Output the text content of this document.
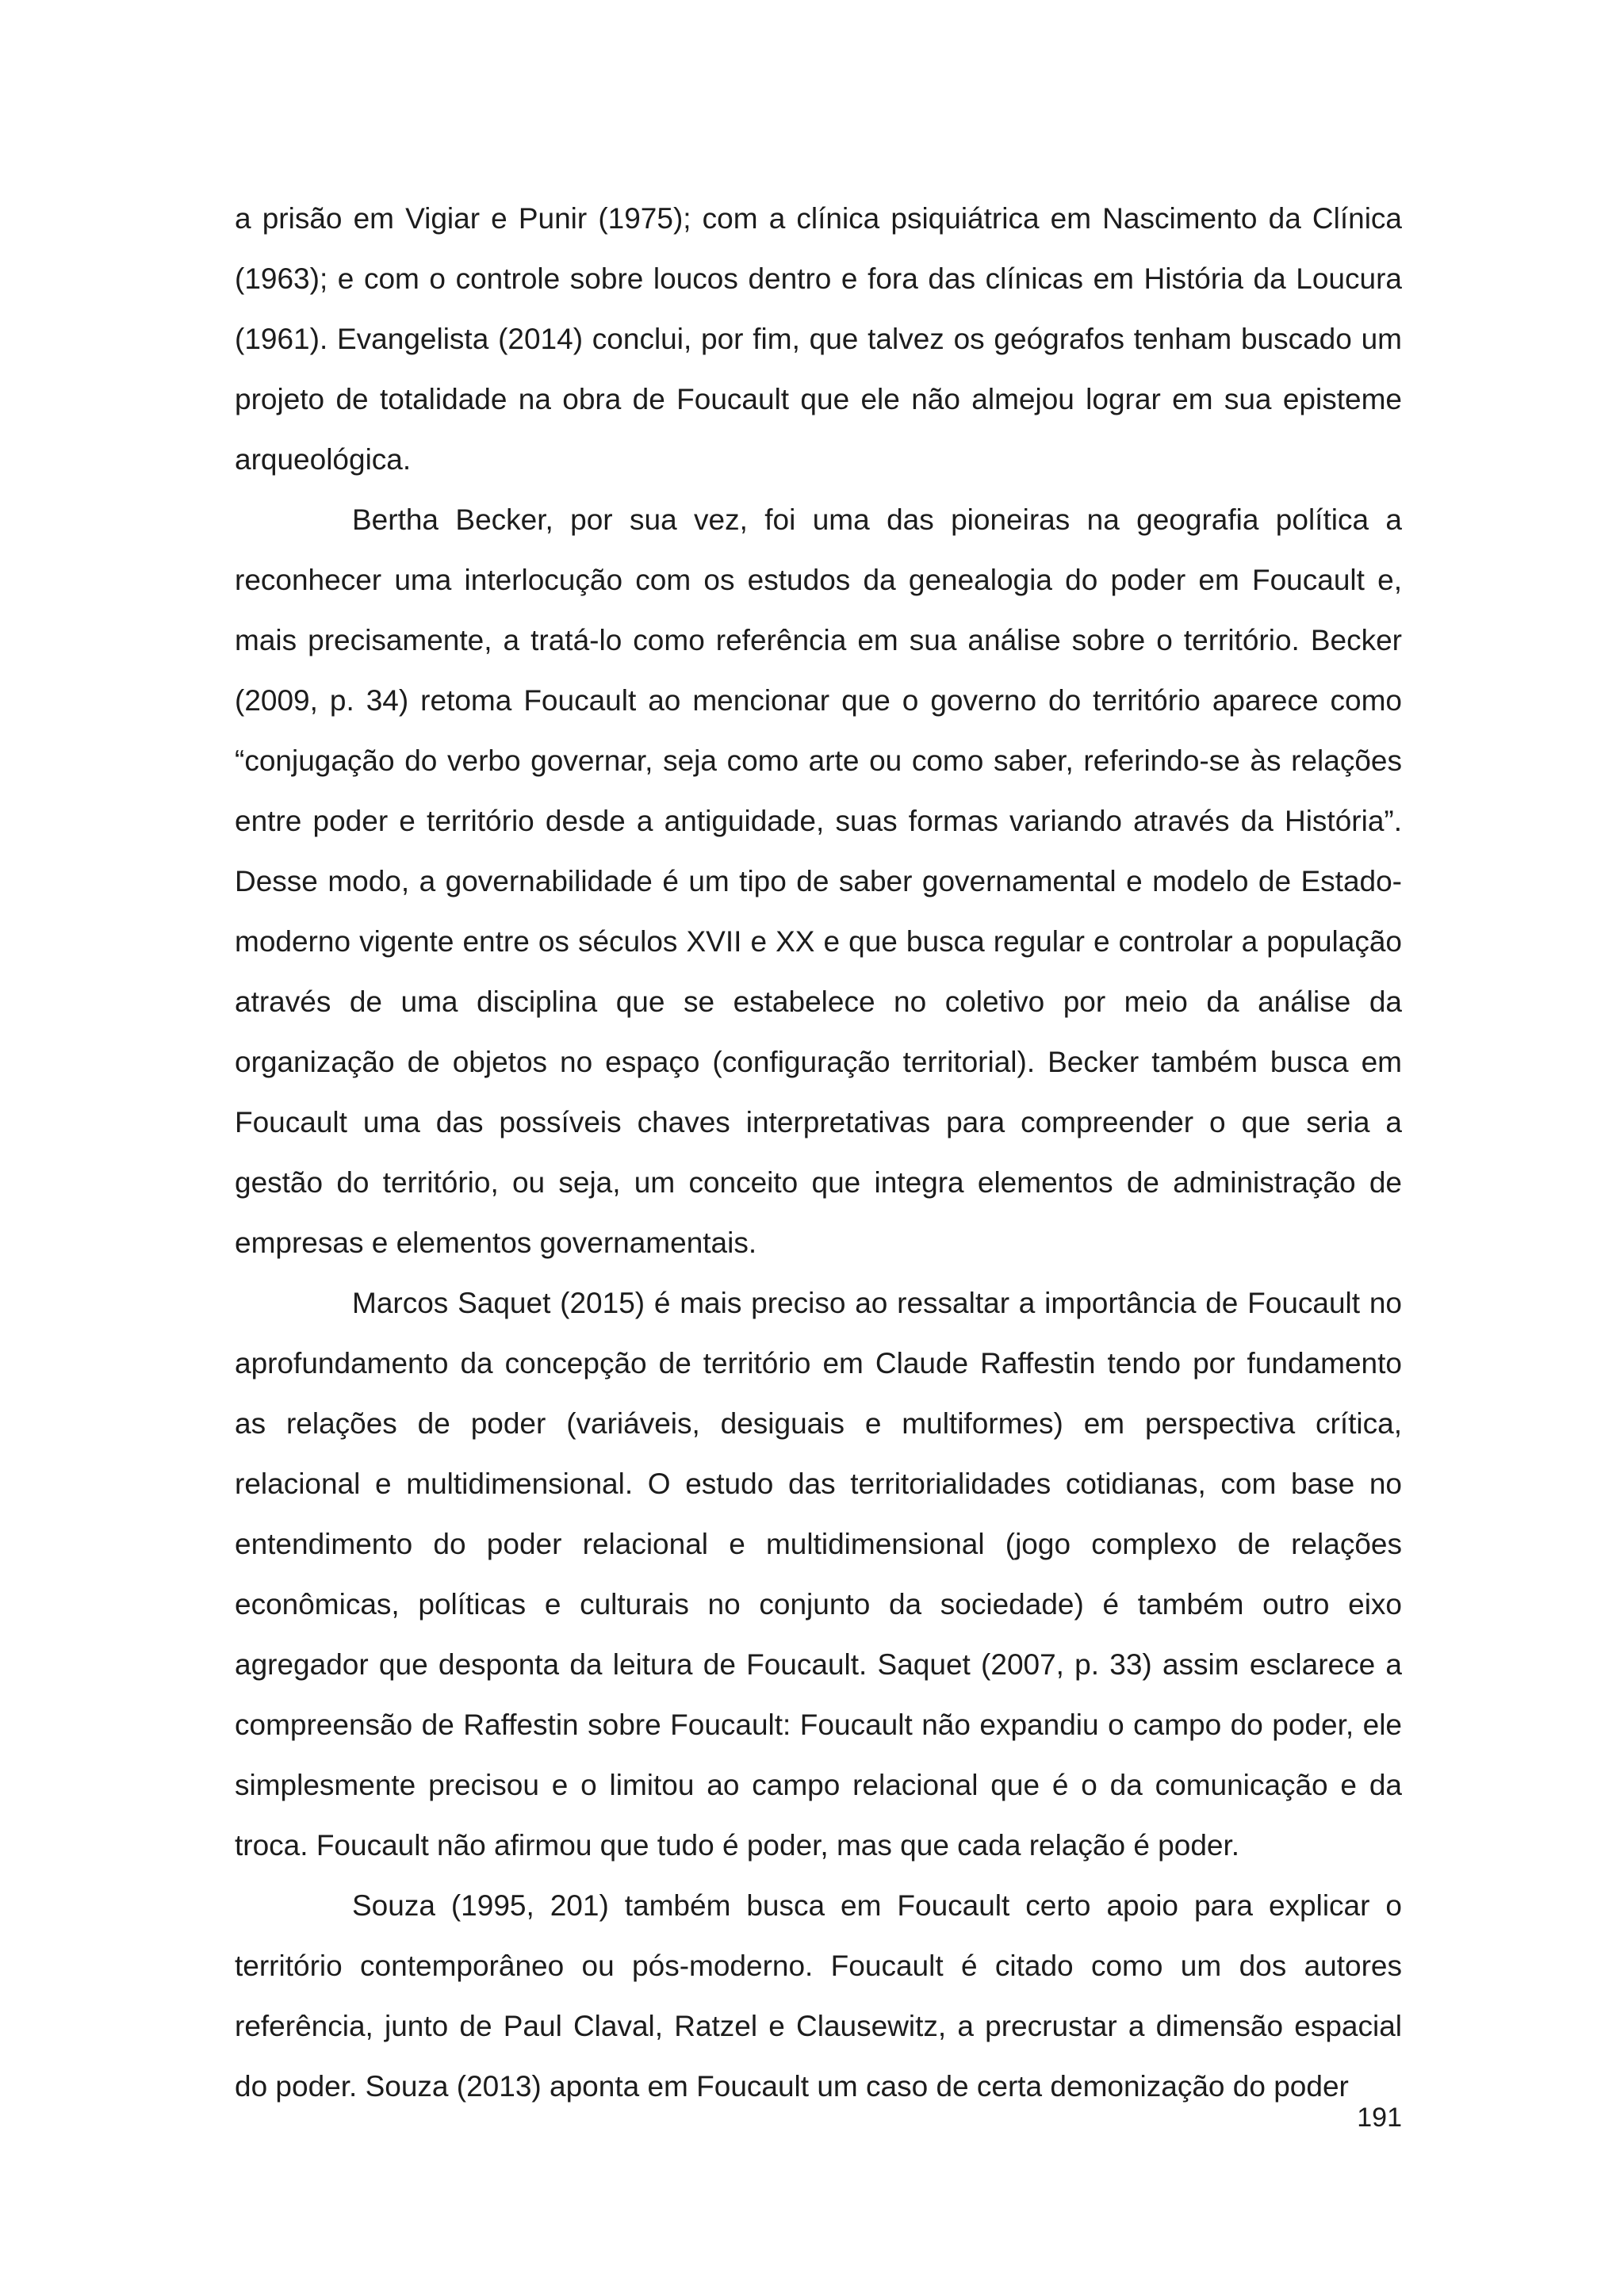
a prisão em Vigiar e Punir (1975); com a clínica psiquiátrica em Nascimento da Clínica (1963); e com o controle sobre loucos dentro e fora das clínicas em História da Loucura (1961). Evangelista (2014) conclui, por fim, que talvez os geógrafos tenham buscado um projeto de totalidade na obra de Foucault que ele não almejou lograr em sua episteme arqueológica.

Bertha Becker, por sua vez, foi uma das pioneiras na geografia política a reconhecer uma interlocução com os estudos da genealogia do poder em Foucault e, mais precisamente, a tratá-lo como referência em sua análise sobre o território. Becker (2009, p. 34) retoma Foucault ao mencionar que o governo do território aparece como “conjugação do verbo governar, seja como arte ou como saber, referindo-se às relações entre poder e território desde a antiguidade, suas formas variando através da História”. Desse modo, a governabilidade é um tipo de saber governamental e modelo de Estado-moderno vigente entre os séculos XVII e XX e que busca regular e controlar a população através de uma disciplina que se estabelece no coletivo por meio da análise da organização de objetos no espaço (configuração territorial). Becker também busca em Foucault uma das possíveis chaves interpretativas para compreender o que seria a gestão do território, ou seja, um conceito que integra elementos de administração de empresas e elementos governamentais.

Marcos Saquet (2015) é mais preciso ao ressaltar a importância de Foucault no aprofundamento da concepção de território em Claude Raffestin tendo por fundamento as relações de poder (variáveis, desiguais e multiformes) em perspectiva crítica, relacional e multidimensional. O estudo das territorialidades cotidianas, com base no entendimento do poder relacional e multidimensional (jogo complexo de relações econômicas, políticas e culturais no conjunto da sociedade) é também outro eixo agregador que desponta da leitura de Foucault. Saquet (2007, p. 33) assim esclarece a compreensão de Raffestin sobre Foucault: Foucault não expandiu o campo do poder, ele simplesmente precisou e o limitou ao campo relacional que é o da comunicação e da troca. Foucault não afirmou que tudo é poder, mas que cada relação é poder.

Souza (1995, 201) também busca em Foucault certo apoio para explicar o território contemporâneo ou pós-moderno. Foucault é citado como um dos autores referência, junto de Paul Claval, Ratzel e Clausewitz, a precrustar a dimensão espacial do poder. Souza (2013) aponta em Foucault um caso de certa demonização do poder

191
